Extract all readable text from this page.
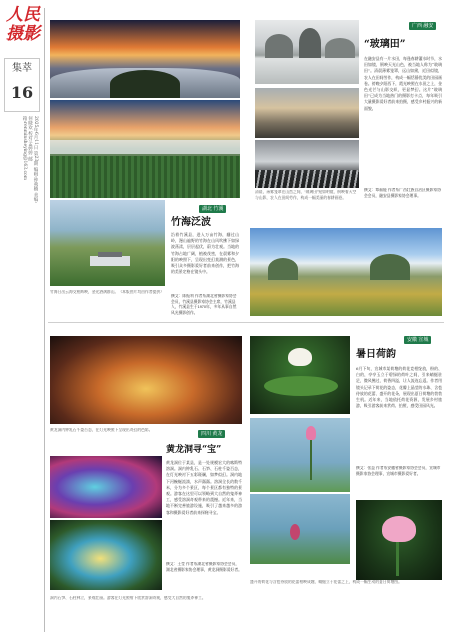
人民摄影
集萃
16
2025年6月11日 第23期 编辑:钟燕楠 美编:何晓欢 校对:孟婷婷 邮箱:renminsheying@163.com
湖北 竹溪
竹海泛波
沿着竹溪县，进入万亩竹海，翻过山岭，漫山遍野的竹海在山风吹拂下如绿波荡漾，层层起伏，蔚为壮观。当地的竹海占地广阔，植被茂密，在晨雾和夕阳的映照下，呈现出变幻莫测的景色，吸引众多摄影爱好者前来创作，把竹海的美景定格在镜头中。
竹海日出云海交相辉映，金光洒满群山。（本版图片均由作者提供）
撰文：陈振利 作者系湖北省摄影家协会会员，竹溪县摄影家协会主席，竹溪县人，竹溪县生于1970年，多年从事自然风光摄影创作。
广西 融安
“玻璃田”
在融安县有一片水田，每逢春耕灌水时节，水田如镜，倒映天光山色，被当地人称为“玻璃田”。清晨薄雾笼罩，远山如黛，近田似镜，农人在田间劳作，构成一幅恬静优美的田园画卷。傍晚夕阳西下，霞光映照在水田之上，金色光芒与山影交织，更显梦幻。这片“玻璃田”已成为当地热门的摄影打卡点，每年吸引大量摄影爱好者前来拍摄，感受乡村振兴的新面貌。
撰文：覃福能 作者系广西壮族自治区摄影家协会会员，融安县摄影家协会理事。
清晨，薄雾笼罩在山峦之间，“玻璃田”宛如明镜，倒映着天空与山影，农人在田间劳作，构成一幅美丽的春耕画卷。
黄龙洞内钟乳石千姿百态，在灯光映照下呈现出奇幻的色彩。
四川 黄龙
黄龙洞寻“宝”
黄龙洞位于某县，是一处规模宏大的喀斯特溶洞。洞内钟乳石、石笋、石柱千姿百态，在灯光映衬下五彩斑斓，如梦似幻。洞内地下河蜿蜒流淌，水声潺潺。溶洞全长约数千米，分为多个景区，每个景区都有独特的景观。游客在这里可以领略到大自然的鬼斧神工，感受溶洞奇观带来的震撼。近年来，当地不断完善旅游设施，吸引了越来越多的游客和摄影爱好者前来探秘寻宝。
撰文：王莹 作者系湖北省摄影家协会会员，湖北省摄影家协会理事，黄龙洞摄影爱好者。
洞内石笋、石柱林立，景观壮丽。游客在灯光照射下欣赏溶洞奇观，感受大自然的鬼斧神工。
安徽 宣城
暑日荷韵
6月下旬，宣城市某荷塘的荷花竞相绽放，粉的、白的，亭亭玉立于碧绿的荷叶之间，引来蜻蜓驻足，微风拂过，荷香四溢，让人流连忘返。作者用镜头记录下荷花的姿态，花瓣上晶莹的水珠、含苞待放的花蕾、盛开的花朵，展现出夏日荷塘的勃勃生机。近年来，当地依托荷花资源，发展乡村旅游，吸引游客前来赏荷、拍照，感受田园风光。
撰文：张益 作者系安徽省摄影家协会会员，宣城市摄影家协会理事，宣城市摄影爱好者。
盛开的荷花与含苞待放的花蕾相映成趣，蜻蜓立于花蕾之上，构成一幅生动的夏日荷塘图。
